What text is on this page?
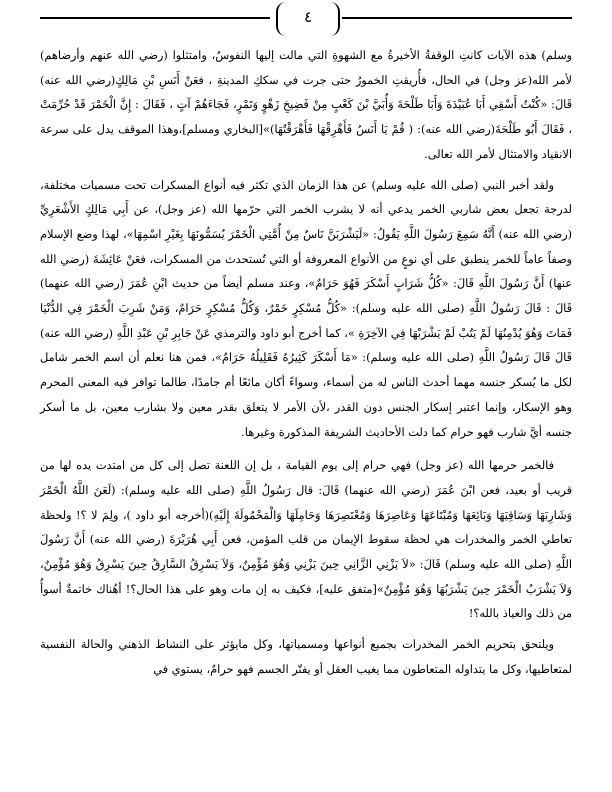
٤

وسلم) هذه الآيات كانتِ الوقفةُ الأخيرةُ مع الشهوةِ التي مالت إليها النفوسُ، وامتثلوا (رضي الله عنهم وأرضاهم) لأمر الله(عز وجل) في الحال، فأُريقتِ الخمورُ حتى جرت في سككِ المدينةِ ، فعَنْ أَنَسِ بْنِ مَالِكٍ(رضي الله عنه) قَالَ: «كُنْتُ أَسْقِي أَبَا عُبَيْدَةَ وَأَبَا طَلْحَةَ وَأُبَيَّ بْنَ كَعْبٍ مِنْ فَضِيخِ زَهْوٍ وَتَمْرٍ، فَجَاءَهُمْ آتٍ ، فَقَالَ : إِنَّ الْخَمْرَ قَدْ حُرِّمَتْ ، فَقَالَ أَبُو طَلْحَةَ(رضي الله عنه): ( قُمْ يَا أَنَسُ فَأَهْرِقْهَا فَأَهْرَقْتُهَا)»[البخاري ومسلم]،وهذا الموقف يدل على سرعة الانقياد والامتثال لأمر الله تعالى.

ولقد أخبر النبي (صلى الله عليه وسلم) عن هذا الزمان الذي تكثر فيه أنواع المسكرات تحت مسميات مختلفة، لدرجة تجعل بعض شاربي الخمر يدعي أنه لا يشرب الخمر التي حرّمها الله (عز وجل)، عن أَبِي مَالِكٍ الأَشْعَرِيِّ (رضي الله عنه) أَنَّهُ سَمِعَ رَسُولَ اللَّهِ يَقُولُ: «لَيَشْرَبَنَّ نَاسٌ مِنْ أُمَّتِي الْخَمْرَ يُسَمُّونَهَا بِغَيْرِ اسْمِهَا»، لهذا وضع الإسلام وصفاً عاماً للخمر ينطبق على أي نوعٍ من الأنواع المعروفة أو التي تُستحدث من المسكرات، فعَنْ عَائِشَةَ (رضي الله عنها) أَنَّ رَسُولَ اللَّهِ قَالَ: «كُلُّ شَرَابٍ أَسْكَرَ فَهُوَ حَرَامٌ»، وعند مسلم أيضاً من حديث ابْنِ عُمَرَ (رضي الله عنهما) قَالَ : قَالَ رَسُولُ اللَّهِ (صلى الله عليه وسلم): «كُلُّ مُسْكِرٍ خَمْرٌ، وَكُلُّ مُسْكِرٍ حَرَامٌ، وَمَنْ شَرِبَ الْخَمْرَ فِي الدُّنْيَا فَمَاتَ وَهُوَ يُدْمِنُهَا لَمْ يَتُبْ لَمْ يَشْرَبْهَا فِي الآخِرَةِ »، كما أخرج أبو داود والترمذي عَنْ جَابِرِ بْنِ عَبْدِ اللَّهِ (رضي الله عنه) قَالَ قَالَ رَسُولُ اللَّهِ (صلى الله عليه وسلم): «مَا أَسْكَرَ كَثِيرُهُ فَقَلِيلُهُ حَرَامٌ»، فمن هنا نعلم أن اسم الخمر شامل لكل ما يُسكر جنسه مهما أحدث الناس له من أسماء، وسواءً أكان مائعًا أم جامدًا، طالما توافر فيه المعنى المحرم وهو الإسكار، وإنما اعتبر إسكار الجنس دون القدر ،لأن الأمر لا يتعلق بقدر معين ولا بشارب معين، بل ما أسكر جنسه أيَّ شارب فهو حرام كما دلت الأحاديث الشريفة المذكورة وغيرها.

فالخمر حرمها الله (عز وجل) فهي حرام إلى يوم القيامة ، بل إن اللعنة تصل إلى كل من امتدت يده لها من قريب أو بعيد، فعن ابْنَ عُمَرَ (رضي الله عنهما) قَالَ: قال رَسُولُ اللَّهِ (صلى الله عليه وسلم): (لَعَنَ اللَّهُ الْخَمْرَ وَشَارِبَهَا وَسَاقِيَهَا وَبَائِعَهَا وَمُبْتَاعَهَا وَعَاصِرَهَا وَمُعْتَصِرَهَا وَحَامِلَهَا وَالْمَحْمُولَةَ إِلَيْهِ)(أخرجه أبو داود )، ولِمَ لا ؟! ولحظة تعاطي الخمر والمخدرات هي لحظة سقوط الإيمان من قلب المؤمن، فعن أَبِي هُرَيْرَةَ (رضي الله عنه) أَنَّ رَسُولَ اللَّهِ (صلى الله عليه وسلم) قَالَ: «لاَ يَزْنِي الزَّانِي حِينَ يَزْنِي وَهُوَ مُؤْمِنٌ، وَلاَ يَسْرِقُ السَّارِقُ حِينَ يَسْرِقُ وَهُوَ مُؤْمِنٌ، وَلاَ يَشْرَبُ الْخَمْرَ حِينَ يَشْرَبُهَا وَهُوَ مُؤْمِنٌ»[متفق عليه]، فكيف به إن مات وهو على هذا الحال؟! أهُناك خاتمةٌ أسوأُ من ذلك والعياذ بالله؟!

ويلتحق بتحريم الخمر المخدرات بجميع أنواعها ومسمياتها، وكل مايؤثر على النشاط الذهني والحالة النفسية لمتعاطيها، وكل ما يتداوله المتعاطون مما يغيب العقل أو يفتّر الجسم فهو حرامٌ، يستوي في
